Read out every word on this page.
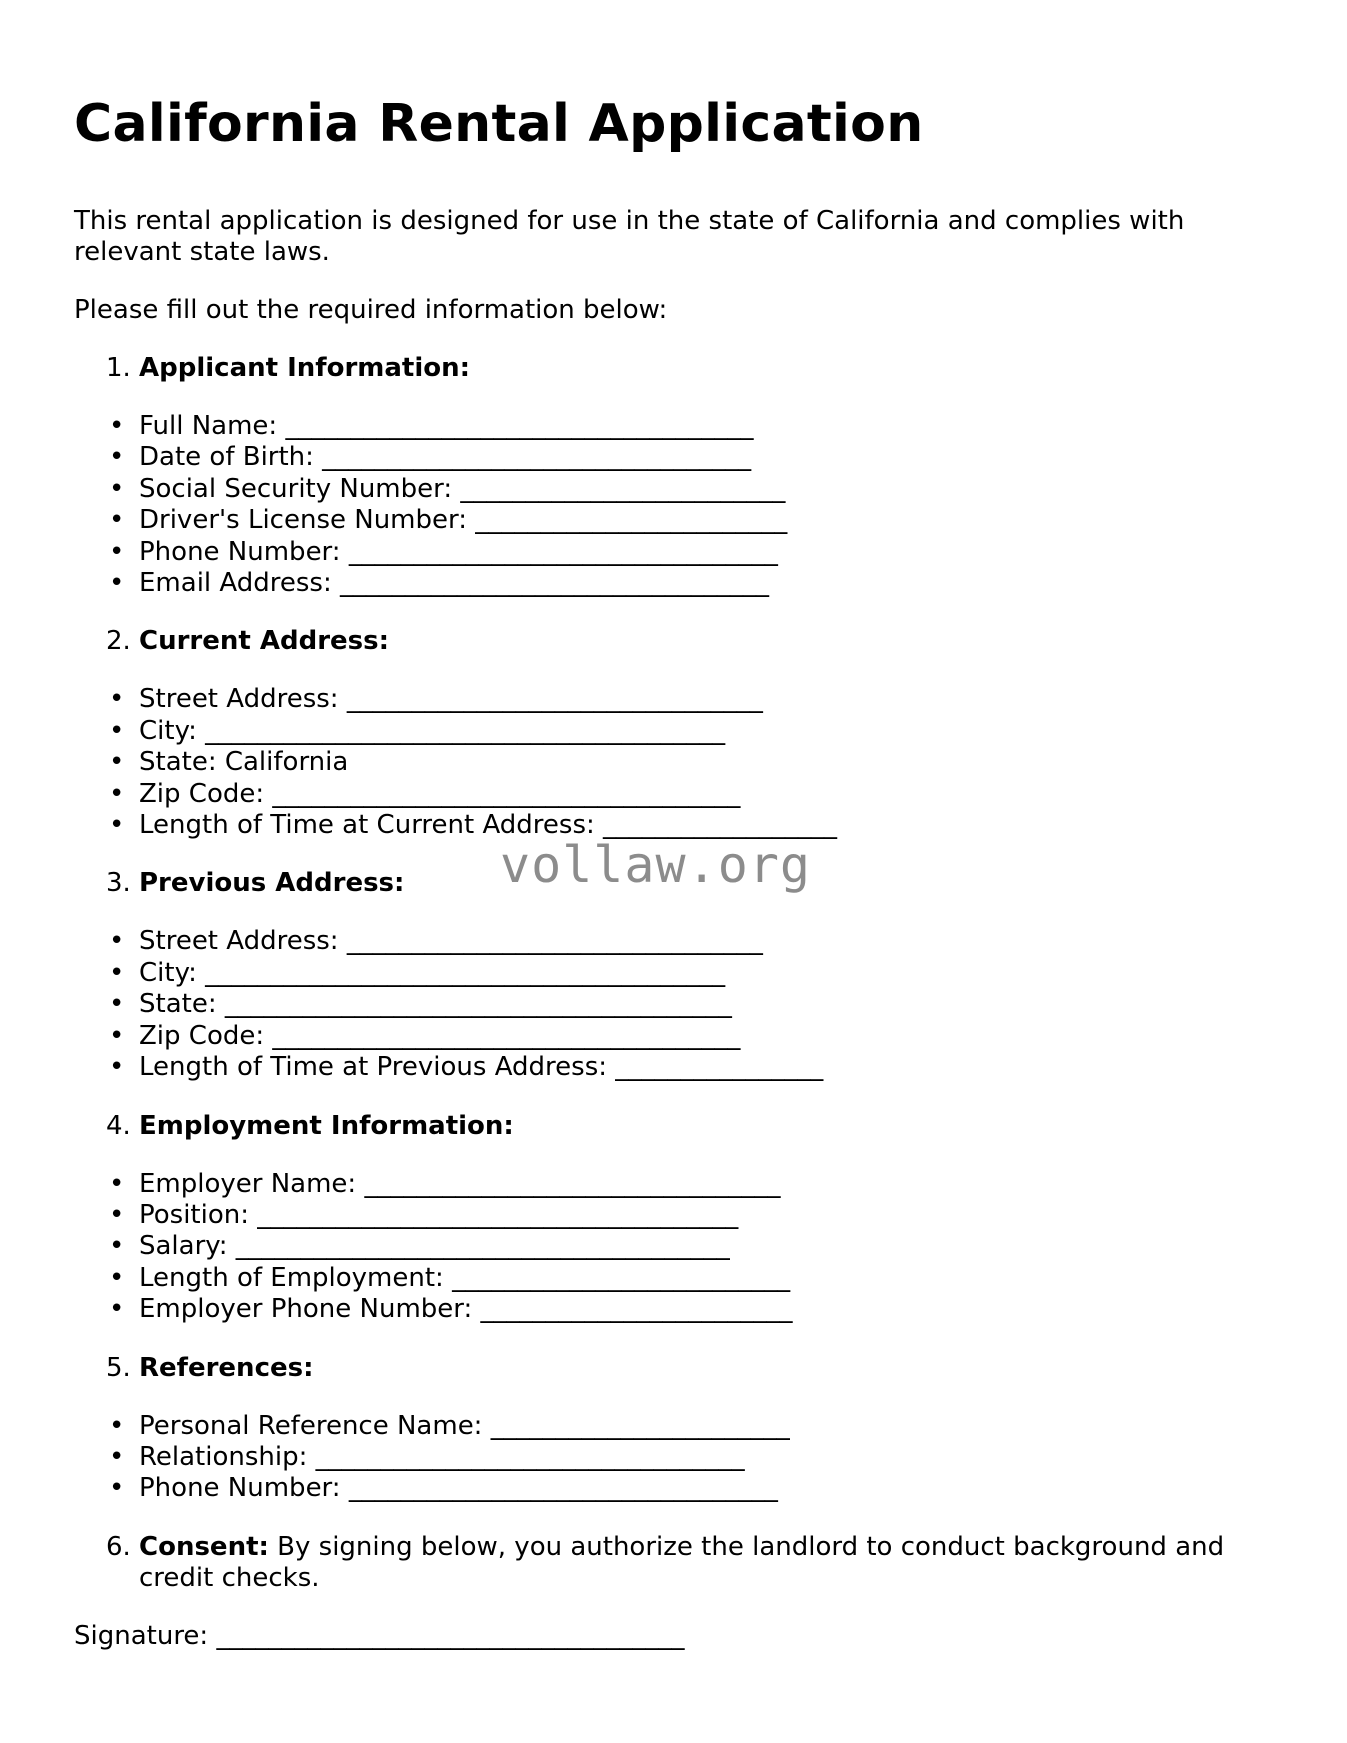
California Rental Application

This rental application is designed for use in the state of California and complies with relevant state laws.

Please fill out the required information below:

1. Applicant Information:
• Full Name: ____________________________________
• Date of Birth: _________________________________
• Social Security Number: _________________________
• Driver's License Number: ________________________
• Phone Number: _________________________________
• Email Address: _________________________________
2. Current Address:
• Street Address: ________________________________
• City: ________________________________________
• State: California
• Zip Code: ____________________________________
• Length of Time at Current Address: __________________
3. Previous Address:
• Street Address: ________________________________
• City: ________________________________________
• State: _______________________________________
• Zip Code: ____________________________________
• Length of Time at Previous Address: ________________
4. Employment Information:
• Employer Name: ________________________________
• Position: _____________________________________
• Salary: ______________________________________
• Length of Employment: __________________________
• Employer Phone Number: ________________________
5. References:
• Personal Reference Name: _______________________
• Relationship: _________________________________
• Phone Number: _________________________________
6. Consent: By signing below, you authorize the landlord to conduct background and credit checks.

Signature: ____________________________________

vollaw.org
